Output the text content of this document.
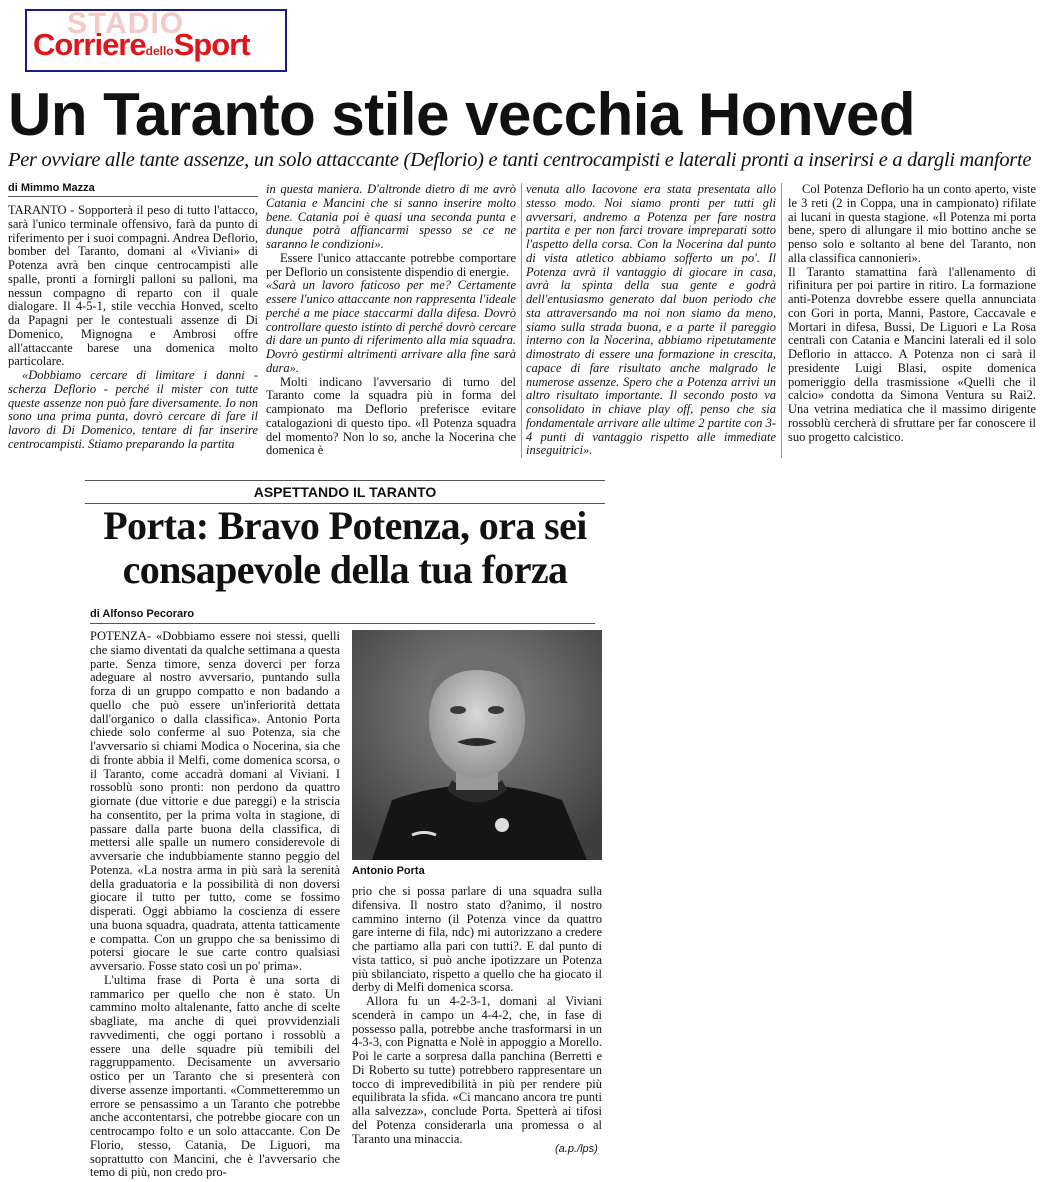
STADIO
CorrieredelloSport
Un Taranto stile vecchia Honved
Per ovviare alle tante assenze, un solo attaccante (Deflorio) e tanti centrocampisti e laterali pronti a inserirsi e a dargli manforte
di Mimmo Mazza

TARANTO - Sopporterà il peso di tutto l'attacco, sarà l'unico terminale offensivo, farà da punto di riferimento per i suoi compagni. Andrea Deflorio, bomber del Taranto, domani al «Viviani» di Potenza avrà ben cinque centrocampisti alle spalle, pronti a fornirgli palloni su palloni, ma nessun compagno di reparto con il quale dialogare. Il 4-5-1, stile vecchia Honved, scelto da Papagni per le contestuali assenze di Di Domenico, Mignogna e Ambrosi offre all'attaccante barese una domenica molto particolare.

«Dobbiamo cercare di limitare i danni - scherza Deflorio - perché il mister con tutte queste assenze non può fare diversamente. Io non sono una prima punta, dovrò cercare di fare il lavoro di Di Domenico, tentare di far inserire centrocampisti. Stiamo preparando la partita

in questa maniera. D'altronde dietro di me avrò Catania e Mancini che si sanno inserire molto bene. Catania poi è quasi una seconda punta e dunque potrà affiancarmi spesso se ce ne saranno le condizioni».

Essere l'unico attaccante potrebbe comportare per Deflorio un consistente dispendio di energie.

«Sarà un lavoro faticoso per me? Certamente essere l'unico attaccante non rappresenta l'ideale perché a me piace staccarmi dalla difesa. Dovrò controllare questo istinto di perché dovrò cercare di dare un punto di riferimento alla mia squadra. Dovrò gestirmi altrimenti arrivare alla fine sarà dura».

Molti indicano l'avversario di turno del Taranto come la squadra più in forma del campionato ma Deflorio preferisce evitare catalogazioni di questo tipo. «Il Potenza squadra del momento? Non lo so, anche la Nocerina che domenica è

venuta allo Iacovone era stata presentata allo stesso modo. Noi siamo pronti per tutti gli avversari, andremo a Potenza per fare nostra partita e per non farci trovare impreparati sotto l'aspetto della corsa. Con la Nocerina dal punto di vista atletico abbiamo sofferto un po'. Il Potenza avrà il vantaggio di giocare in casa, avrà la spinta della sua gente e godrà dell'entusiasmo generato dal buon periodo che sta attraversando ma noi non siamo da meno, siamo sulla strada buona, e a parte il pareggio interno con la Nocerina, abbiamo ripetutamente dimostrato di essere una formazione in crescita, capace di fare risultato anche malgrado le numerose assenze. Spero che a Potenza arrivi un altro risultato importante. Il secondo posto va consolidato in chiave play off, penso che sia fondamentale arrivare alle ultime 2 partite con 3-4 punti di vantaggio rispetto alle immediate inseguitrici».

Col Potenza Deflorio ha un conto aperto, viste le 3 reti (2 in Coppa, una in campionato) rifilate ai lucani in questa stagione. «Il Potenza mi porta bene, spero di allungare il mio bottino anche se penso solo e soltanto al bene del Taranto, non alla classifica cannonieri».

Il Taranto stamattina farà l'allenamento di rifinitura per poi partire in ritiro. La formazione anti-Potenza dovrebbe essere quella annunciata con Gori in porta, Manni, Pastore, Caccavale e Mortari in difesa, Bussi, De Liguori e La Rosa centrali con Catania e Mancini laterali ed il solo Deflorio in attacco. A Potenza non ci sarà il presidente Luigi Blasi, ospite domenica pomeriggio della trasmissione «Quelli che il calcio» condotta da Simona Ventura su Rai2. Una vetrina mediatica che il massimo dirigente rossoblù cercherà di sfruttare per far conoscere il suo progetto calcistico.

ASPETTANDO IL TARANTO
Porta: Bravo Potenza, ora sei consapevole della tua forza
di Alfonso Pecoraro

POTENZA- «Dobbiamo essere noi stessi, quelli che siamo diventati da qualche settimana a questa parte. Senza timore, senza doverci per forza adeguare al nostro avversario, puntando sulla forza di un gruppo compatto e non badando a quello che può essere un'inferiorità dettata dall'organico o dalla classifica». Antonio Porta chiede solo conferme al suo Potenza, sia che l'avversario si chiami Modica o Nocerina, sia che di fronte abbia il Melfi, come domenica scorsa, o il Taranto, come accadrà domani al Viviani. I rossoblù sono pronti: non perdono da quattro giornate (due vittorie e due pareggi) e la striscia ha consentito, per la prima volta in stagione, di passare dalla parte buona della classifica, di mettersi alle spalle un numero considerevole di avversarie che indubbiamente stanno peggio del Potenza. «La nostra arma in più sarà la serenità della graduatoria e la possibilità di non doversi giocare il tutto per tutto, come se fossimo disperati. Oggi abbiamo la coscienza di essere una buona squadra, quadrata, attenta tatticamente e compatta. Con un gruppo che sa benissimo di potersi giocare le sue carte contro qualsiasi avversario. Fosse stato così un po' prima».

L'ultima frase di Porta è una sorta di rammarico per quello che non è stato. Un cammino molto altalenante, fatto anche di scelte sbagliate, ma anche di quei provvidenziali ravvedimenti, che oggi portano i rossoblù a essere una delle squadre più temibili del raggruppamento. Decisamente un avversario ostico per un Taranto che si presenterà con diverse assenze importanti. «Commetteremmo un errore se pensassimo a un Taranto che potrebbe anche accontentarsi, che potrebbe giocare con un centrocampo folto e un solo attaccante. Con De Florio, stesso, Catania, De Liguori, ma soprattutto con Mancini, che è l'avversario che temo di più, non credo pro-

Antonio Porta

prio che si possa parlare di una squadra sulla difensiva. Il nostro stato d?animo, il nostro cammino interno (il Potenza vince da quattro gare interne di fila, ndc) mi autorizzano a credere che partiamo alla pari con tutti?. E dal punto di vista tattico, si può anche ipotizzare un Potenza più sbilanciato, rispetto a quello che ha giocato il derby di Melfi domenica scorsa.

Allora fu un 4-2-3-1, domani al Viviani scenderà in campo un 4-4-2, che, in fase di possesso palla, potrebbe anche trasformarsi in un 4-3-3, con Pignatta e Nolè in appoggio a Morello. Poi le carte a sorpresa dalla panchina (Berretti e Di Roberto su tutte) potrebbero rappresentare un tocco di imprevedibilità in più per rendere più equilibrata la sfida. «Ci mancano ancora tre punti alla salvezza», conclude Porta. Spetterà ai tifosi del Potenza considerarla una promessa o al Taranto una minaccia.

(a.p./lps)
